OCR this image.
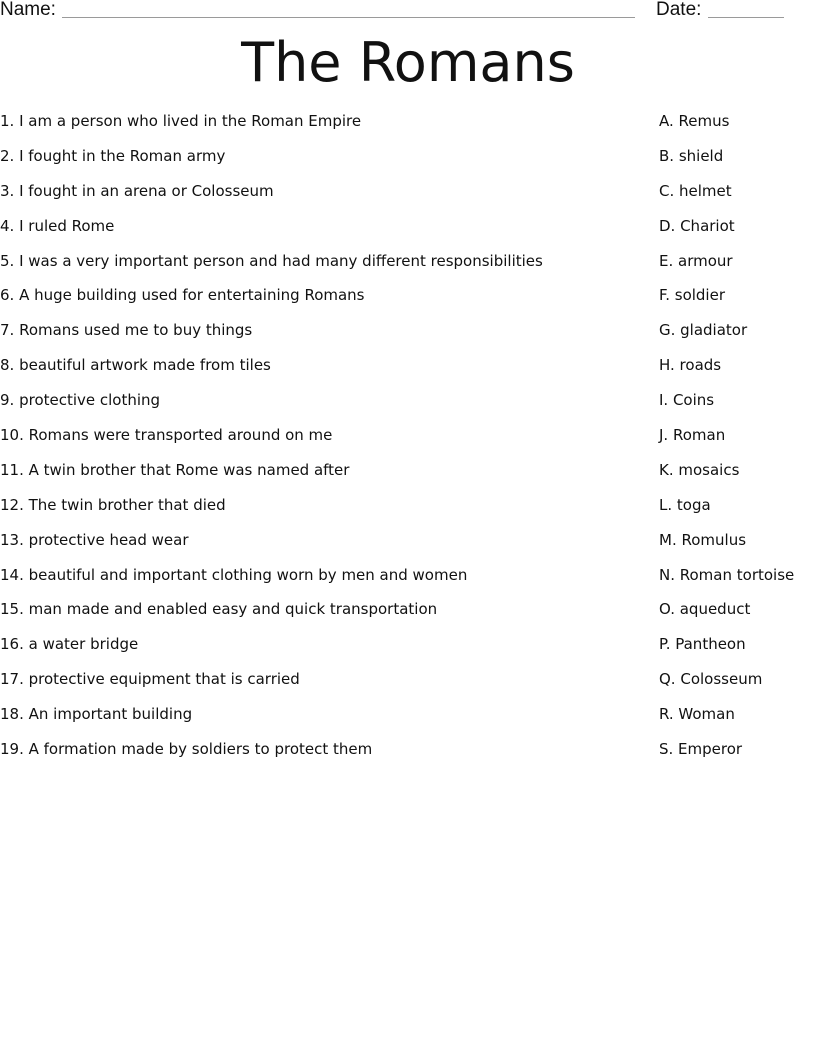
Name:	Date:
The Romans
1. I am a person who lived in the Roman Empire
2. I fought in the Roman army
3. I fought in an arena or Colosseum
4. I ruled Rome
5. I was a very important person and had many different responsibilities
6. A huge building used for entertaining Romans
7. Romans used me to buy things
8. beautiful artwork made from tiles
9. protective clothing
10. Romans were transported around on me
11. A twin brother that Rome was named after
12. The twin brother that died
13. protective head wear
14. beautiful and important clothing worn by men and women
15. man made and enabled easy and quick transportation
16. a water bridge
17. protective equipment that is carried
18. An important building
19. A formation made by soldiers to protect them
A. Remus
B. shield
C. helmet
D. Chariot
E. armour
F. soldier
G. gladiator
H. roads
I. Coins
J. Roman
K. mosaics
L. toga
M. Romulus
N. Roman tortoise
O. aqueduct
P. Pantheon
Q. Colosseum
R. Woman
S. Emperor
